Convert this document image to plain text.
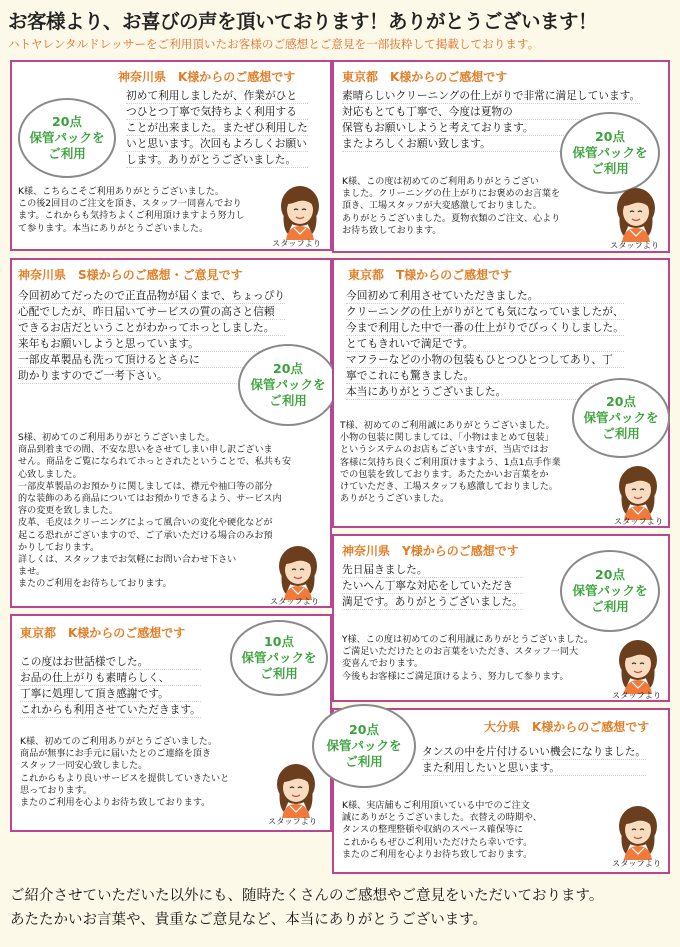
お客様より、お喜びの声を頂いております！ありがとうございます！
ハトヤレンタルドレッサーをご利用頂いたお客様のご感想とご意見を一部抜粋して掲載しております。
神奈川県　K様からのご感想です
20点
保管パックを
ご利用
初めて利用しましたが、作業がひと
つひとつ丁寧で気持ちよく利用する
ことが出来ました。またぜひ利用した
いと思います。次回もよろしくお願い
します。ありがとうございました。
K様、こちらこそご利用ありがとうございました。
この後2回目のご注文を頂き、スタッフ一同喜んでおり
ます。これからも気持ちよくご利用頂けますよう努力し
て参ります。本当にありがとうございました。
スタッフより
東京都　K様からのご感想です
素晴らしいクリーニングの仕上がりで非常に満足しています。
対応もとても丁寧で、今度は夏物の
保管もお願いしようと考えております。
またよろしくお願い致します。	20点
保管パックを
ご利用
K様、この度は初めてのご利用ありがとうござい
ました。クリーニングの仕上がりにお褒めのお言葉を
頂き、工場スタッフが大変感激しておりました。
ありがとうございました。夏物衣類のご注文、心より
お待ち致しております。
スタッフより
神奈川県　S様からのご感想・ご意見です
今回初めてだったので正直品物が届くまで、ちょっぴり
心配でしたが、昨日届いてサービスの質の高さと信頼
できるお店だということがわかってホっとしました。
来年もお願いしようと思っています。
一部皮革製品も洗って頂けるとさらに
助かりますのでご一考下さい。	20点
保管パックを
ご利用
S様、初めてのご利用ありがとうございました。
商品到着までの間、不安な思いをさせてしまい申し訳ございま
せん。商品をご覧になられてホっとされたということで、私共も安
心致しました。
一部皮革製品のお預かりに関しましては、襟元や袖口等の部分
的な装飾のある商品についてはお預かりできるよう、サービス内
容の変更を致しました。
皮革、毛皮はクリーニングによって風合いの変化や硬化などが
起こる恐れがございますので、ご了承いただける場合のみお預
かりしております。
詳しくは、スタッフまでお気軽にお問い合わせ下さい
ませ。
またのご利用をお待ちしております。
スタッフより
東京都　T様からのご感想です
今回初めて利用させていただきました。
クリーニングの仕上がりがとても気になっていましたが、
今まで利用した中で一番の仕上がりでびっくりしました。
とてもきれいで満足です。
マフラーなどの小物の包装もひとつひとつしてあり、丁
寧でこれにも驚きました。
本当にありがとうございました。
20点
保管パックを
ご利用
T様、初めてのご利用誠にありがとうございました。
小物の包装に関しましては、「小物はまとめて包装」
というシステムのお店もございますが、当店ではお
客様に気持ち良くご利用頂けますよう、1点1点手作業
での包装を致しております。あたたかいお言葉をか
けていただき、工場スタッフも感激しておりました。
ありがとうございました。
スタッフより
神奈川県　Y様からのご感想です
先日届きました。
たいへん丁寧な対応をしていただき
満足です。ありがとうございました。
20点
保管パックを
ご利用
Y様、この度は初めてのご利用誠にありがとうございました。
ご満足いただけたとのお言葉をいただき、スタッフ一同大
変喜んでおります。
今後もお客様にご満足頂けるよう、努力して参ります。
スタッフより
東京都　K様からのご感想です
10点
保管パックを
ご利用
この度はお世話様でした。
お品の仕上がりも素晴らしく、
丁寧に処理して頂き感謝です。
これからも利用させていただきます。
K様、初めてのご利用ありがとうございました。
商品が無事にお手元に届いたとのご連絡を頂き
スタッフ一同安心致しました。
これからもより良いサービスを提供していきたいと
思っております。
またのご利用を心よりお待ち致しております。
スタッフより
大分県　K様からのご感想です
タンスの中を片付けるいい機会になりました。
また利用したいと思います。
K様、実店舗もご利用頂いている中でのご注文
誠にありがとうございました。衣替えの時期や、
タンスの整理整頓や収納のスペース確保等に
これからもぜひご利用いただけたら幸いです。
またのご利用を心よりお待ち致しております。
スタッフより
20点
保管パックを
ご利用
ご紹介させていただいた以外にも、随時たくさんのご感想やご意見をいただいております。
あたたかいお言葉や、貴重なご意見など、本当にありがとうございます。
